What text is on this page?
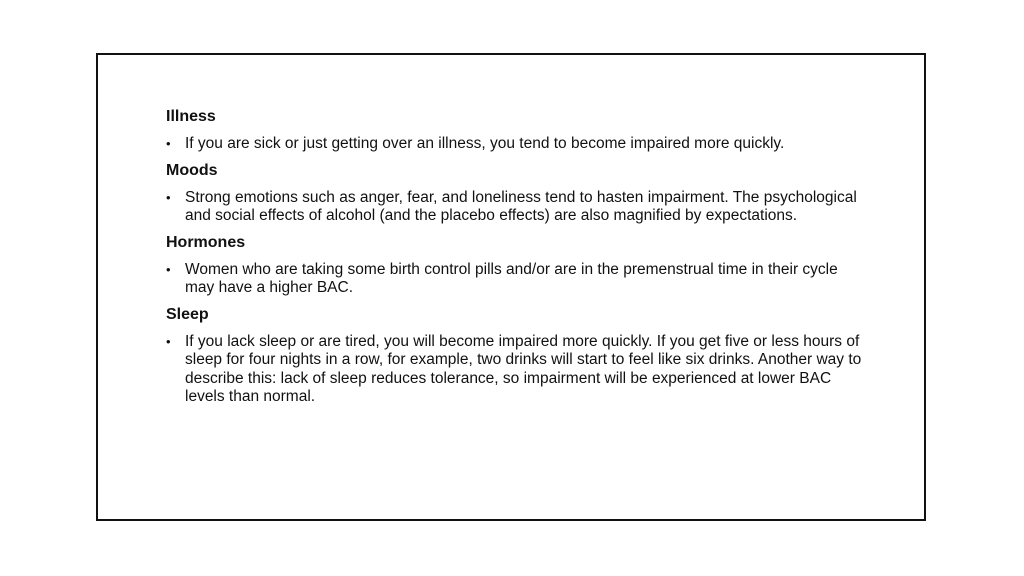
Illness
• If you are sick or just getting over an illness, you tend to become impaired more quickly.
Moods
• Strong emotions such as anger, fear, and loneliness tend to hasten impairment. The psychological and social effects of alcohol (and the placebo effects) are also magnified by expectations.
Hormones
• Women who are taking some birth control pills and/or are in the premenstrual time in their cycle may have a higher BAC.
Sleep
• If you lack sleep or are tired, you will become impaired more quickly. If you get five or less hours of sleep for four nights in a row, for example, two drinks will start to feel like six drinks. Another way to describe this: lack of sleep reduces tolerance, so impairment will be experienced at lower BAC levels than normal.
